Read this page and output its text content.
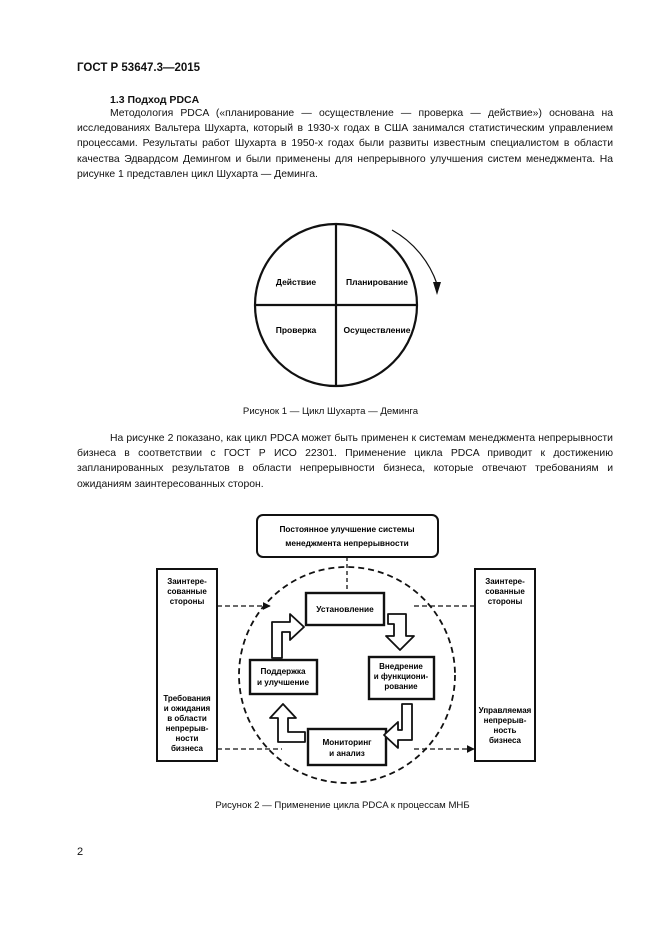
ГОСТ Р 53647.3—2015
1.3 Подход PDCA
Методология PDCA («планирование — осуществление — проверка — действие») основана на исследованиях Вальтера Шухарта, который в 1930-х годах в США занимался статистическим управлением процессами. Результаты работ Шухарта в 1950-х годах были развиты известным специалистом в области качества Эдвардсом Демингом и были применены для непрерывного улучшения систем менеджмента. На рисунке 1 представлен цикл Шухарта — Деминга.
Действие	Планирование
Проверка	Осуществление
Рисунок 1 — Цикл Шухарта — Деминга
На рисунке 2 показано, как цикл PDCA может быть применен к системам менеджмента непрерывности бизнеса в соответствии с ГОСТ Р ИСО 22301. Применение цикла PDCA приводит к достижению запланированных результатов в области непрерывности бизнеса, которые отвечают требованиям и ожиданиям заинтересованных сторон.
Постоянное улучшение системы
менеджмента непрерывности
Заинтере-
сованные
стороны
Требования
и ожидания
в области
непрерыв-
ности
бизнеса
Заинтере-
сованные
стороны
Управляемая
непрерыв-
ность
бизнеса
Установление
Внедрение
и функциони-
рование
Мониторинг
и анализ
Поддержка
и улучшение
Рисунок 2 — Применение цикла PDCA к процессам МНБ
2
